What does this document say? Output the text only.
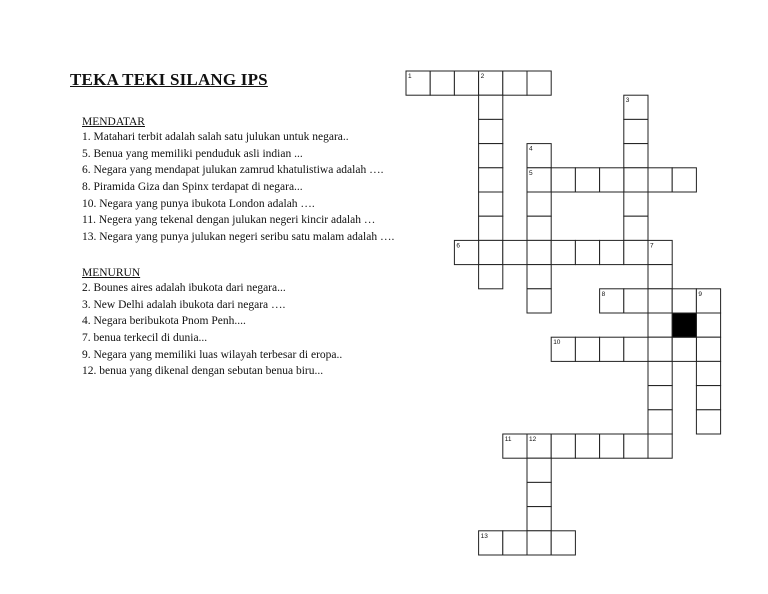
TEKA TEKI SILANG IPS
MENDATAR
1. Matahari terbit adalah salah satu julukan untuk negara..
5. Benua yang memiliki penduduk asli indian ...
6. Negara yang mendapat julukan zamrud khatulistiwa adalah ….
8. Piramida Giza dan Spinx terdapat di negara...
10. Negara yang punya ibukota London adalah ….
11. Negera yang tekenal dengan julukan negeri kincir adalah …
13. Negara yang punya julukan negeri seribu satu malam adalah ….
MENURUN
2. Bounes aires adalah ibukota dari negara...
3. New Delhi adalah ibukota dari negara ….
4. Negara beribukota Pnom Penh....
7. benua terkecil di dunia...
9. Negara yang memiliki luas wilayah terbesar di eropa..
12. benua yang dikenal dengan sebutan benua biru...
1	2
3
4
5
6	7
8	9
10
11	12
13
